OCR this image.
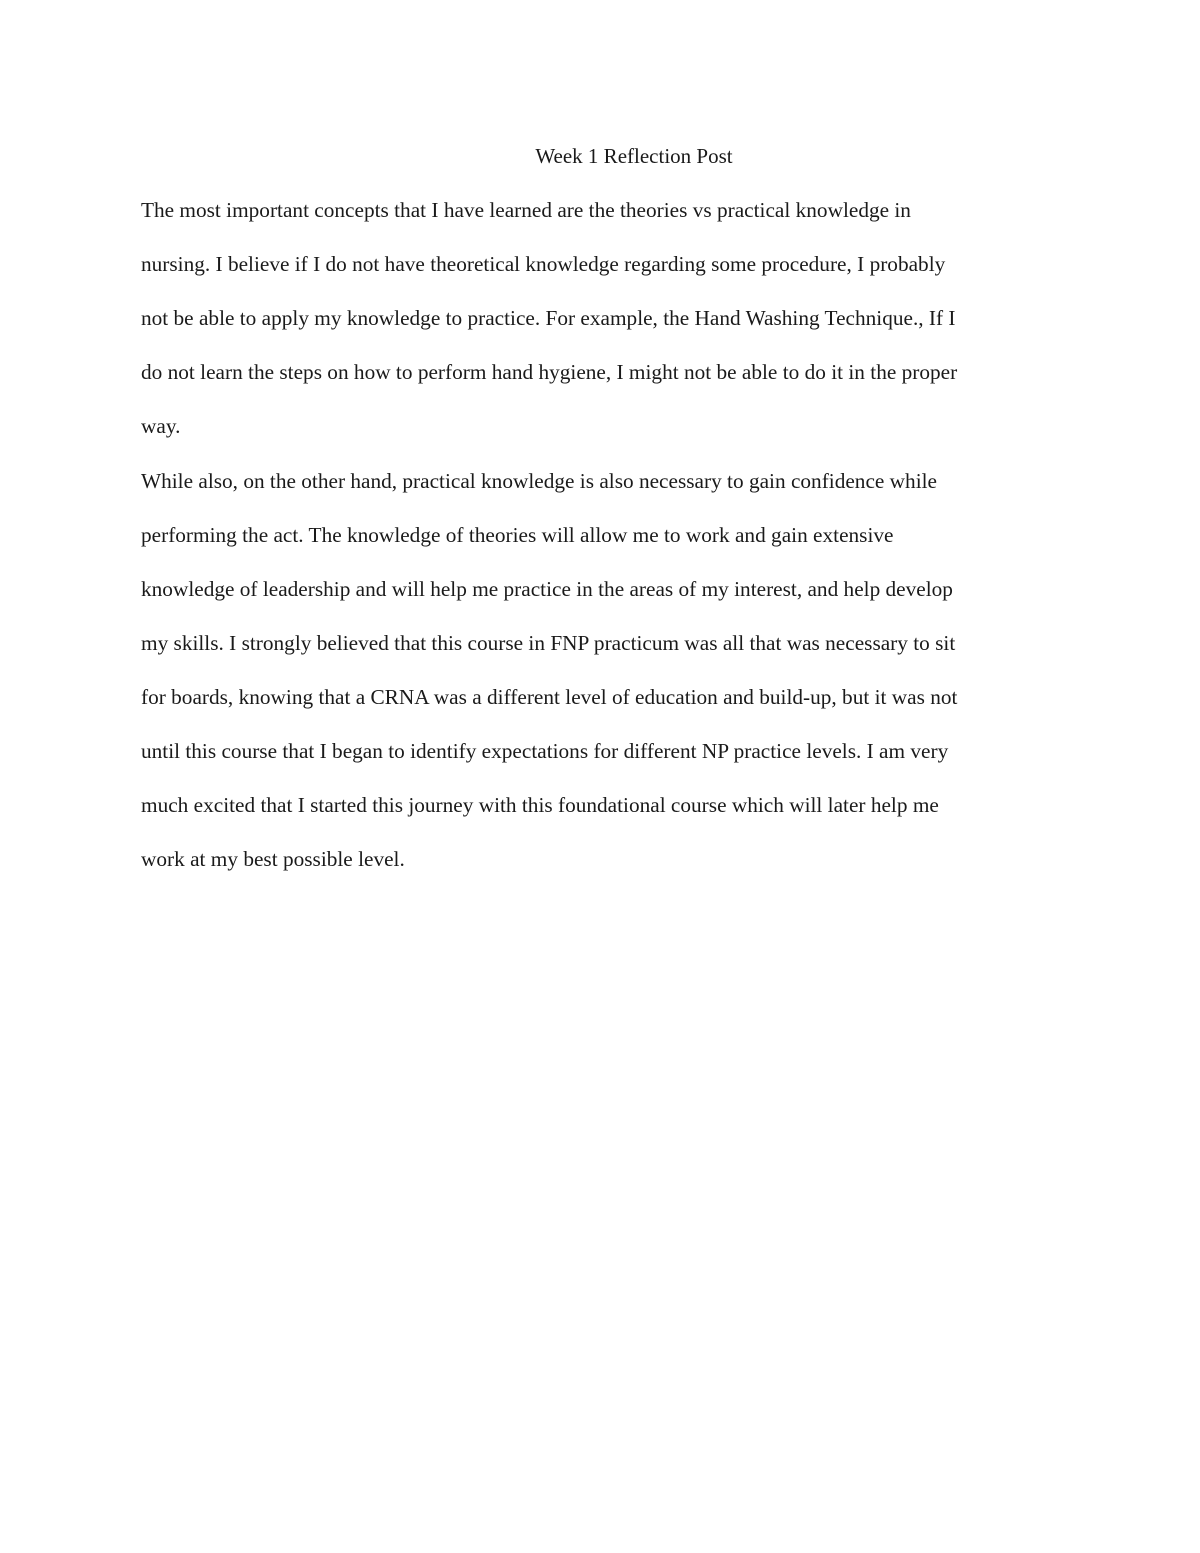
Week 1 Reflection Post

The most important concepts that I have learned are the theories vs practical knowledge in

nursing. I believe if I do not have theoretical knowledge regarding some procedure, I probably

not be able to apply my knowledge to practice. For example, the Hand Washing Technique., If I

do not learn the steps on how to perform hand hygiene, I might not be able to do it in the proper

way.

While also, on the other hand, practical knowledge is also necessary to gain confidence while

performing the act. The knowledge of theories will allow me to work and gain extensive

knowledge of leadership and will help me practice in the areas of my interest, and help develop

my skills. I strongly believed that this course in FNP practicum was all that was necessary to sit

for boards, knowing that a CRNA was a different level of education and build-up, but it was not

until this course that I began to identify expectations for different NP practice levels. I am very

much excited that I started this journey with this foundational course which will later help me

work at my best possible level.
